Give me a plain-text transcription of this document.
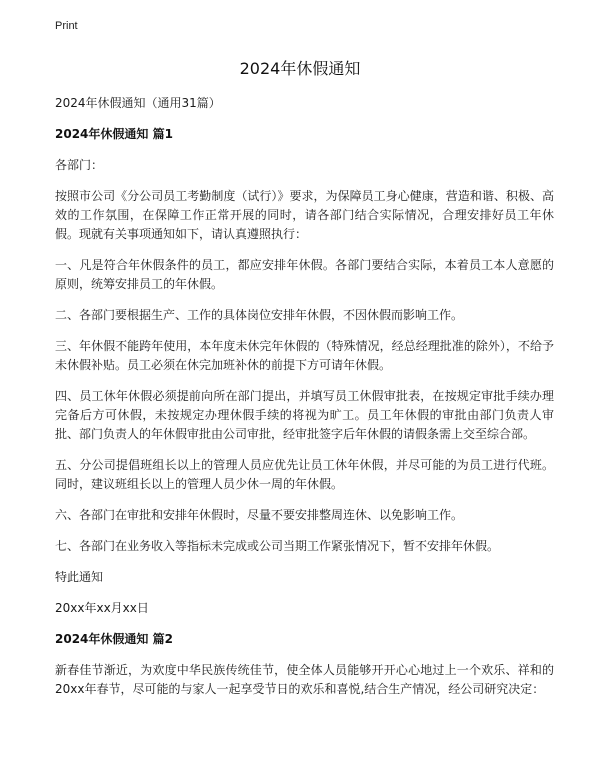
Print
2024年休假通知

2024年休假通知（通用31篇）

2024年休假通知 篇1

各部门：

按照市公司《分公司员工考勤制度（试行）》要求，为保障员工身心健康，营造和谐、积极、高效的工作氛围，在保障工作正常开展的同时，请各部门结合实际情况，合理安排好员工年休假。现就有关事项通知如下，请认真遵照执行：

一、凡是符合年休假条件的员工，都应安排年休假。各部门要结合实际，本着员工本人意愿的原则，统筹安排员工的年休假。

二、各部门要根据生产、工作的具体岗位安排年休假，不因休假而影响工作。

三、年休假不能跨年使用，本年度未休完年休假的（特殊情况，经总经理批准的除外），不给予未休假补贴。员工必须在休完加班补休的前提下方可请年休假。

四、员工休年休假必须提前向所在部门提出，并填写员工休假审批表，在按规定审批手续办理完备后方可休假，未按规定办理休假手续的将视为旷工。员工年休假的审批由部门负责人审批、部门负责人的年休假审批由公司审批，经审批签字后年休假的请假条需上交至综合部。

五、分公司提倡班组长以上的管理人员应优先让员工休年休假，并尽可能的为员工进行代班。同时，建议班组长以上的管理人员少休一周的年休假。

六、各部门在审批和安排年休假时，尽量不要安排整周连休、以免影响工作。

七、各部门在业务收入等指标未完成或公司当期工作紧张情况下，暂不安排年休假。

特此通知

20xx年xx月xx日

2024年休假通知 篇2

新春佳节渐近，为欢度中华民族传统佳节，使全体人员能够开开心心地过上一个欢乐、祥和的20xx年春节，尽可能的与家人一起享受节日的欢乐和喜悦,结合生产情况，经公司研究决定：
